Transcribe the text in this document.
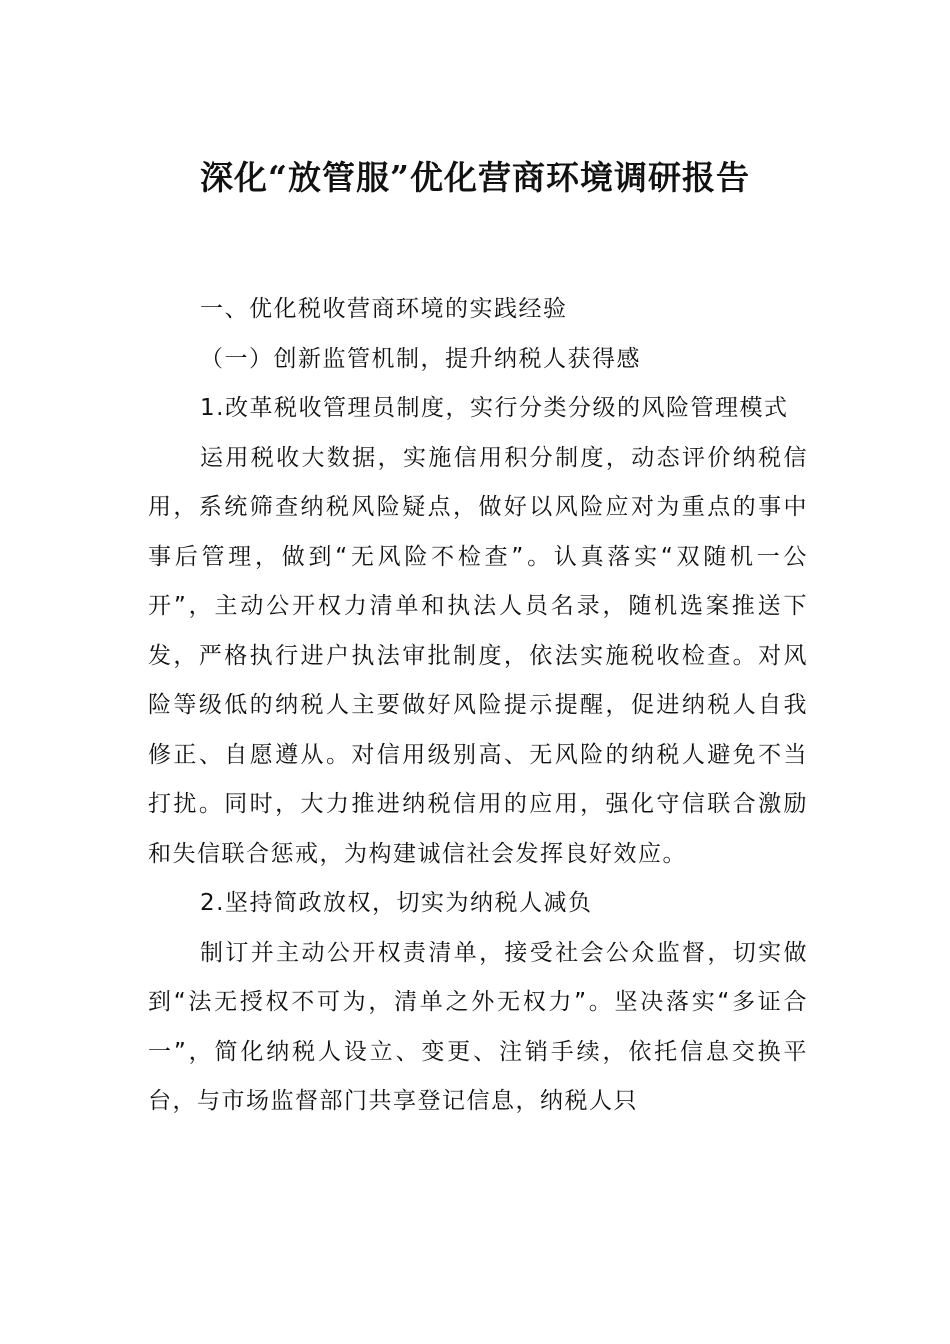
深化“放管服”优化营商环境调研报告

一、优化税收营商环境的实践经验

（一）创新监管机制，提升纳税人获得感

1.改革税收管理员制度，实行分类分级的风险管理模式

运用税收大数据，实施信用积分制度，动态评价纳税信用，系统筛查纳税风险疑点，做好以风险应对为重点的事中事后管理，做到“无风险不检查”。认真落实“双随机一公开”，主动公开权力清单和执法人员名录，随机选案推送下发，严格执行进户执法审批制度，依法实施税收检查。对风险等级低的纳税人主要做好风险提示提醒，促进纳税人自我修正、自愿遵从。对信用级别高、无风险的纳税人避免不当打扰。同时，大力推进纳税信用的应用，强化守信联合激励和失信联合惩戒，为构建诚信社会发挥良好效应。

2.坚持简政放权，切实为纳税人减负

制订并主动公开权责清单，接受社会公众监督，切实做到“法无授权不可为，清单之外无权力”。坚决落实“多证合一”，简化纳税人设立、变更、注销手续，依托信息交换平台，与市场监督部门共享登记信息，纳税人只
